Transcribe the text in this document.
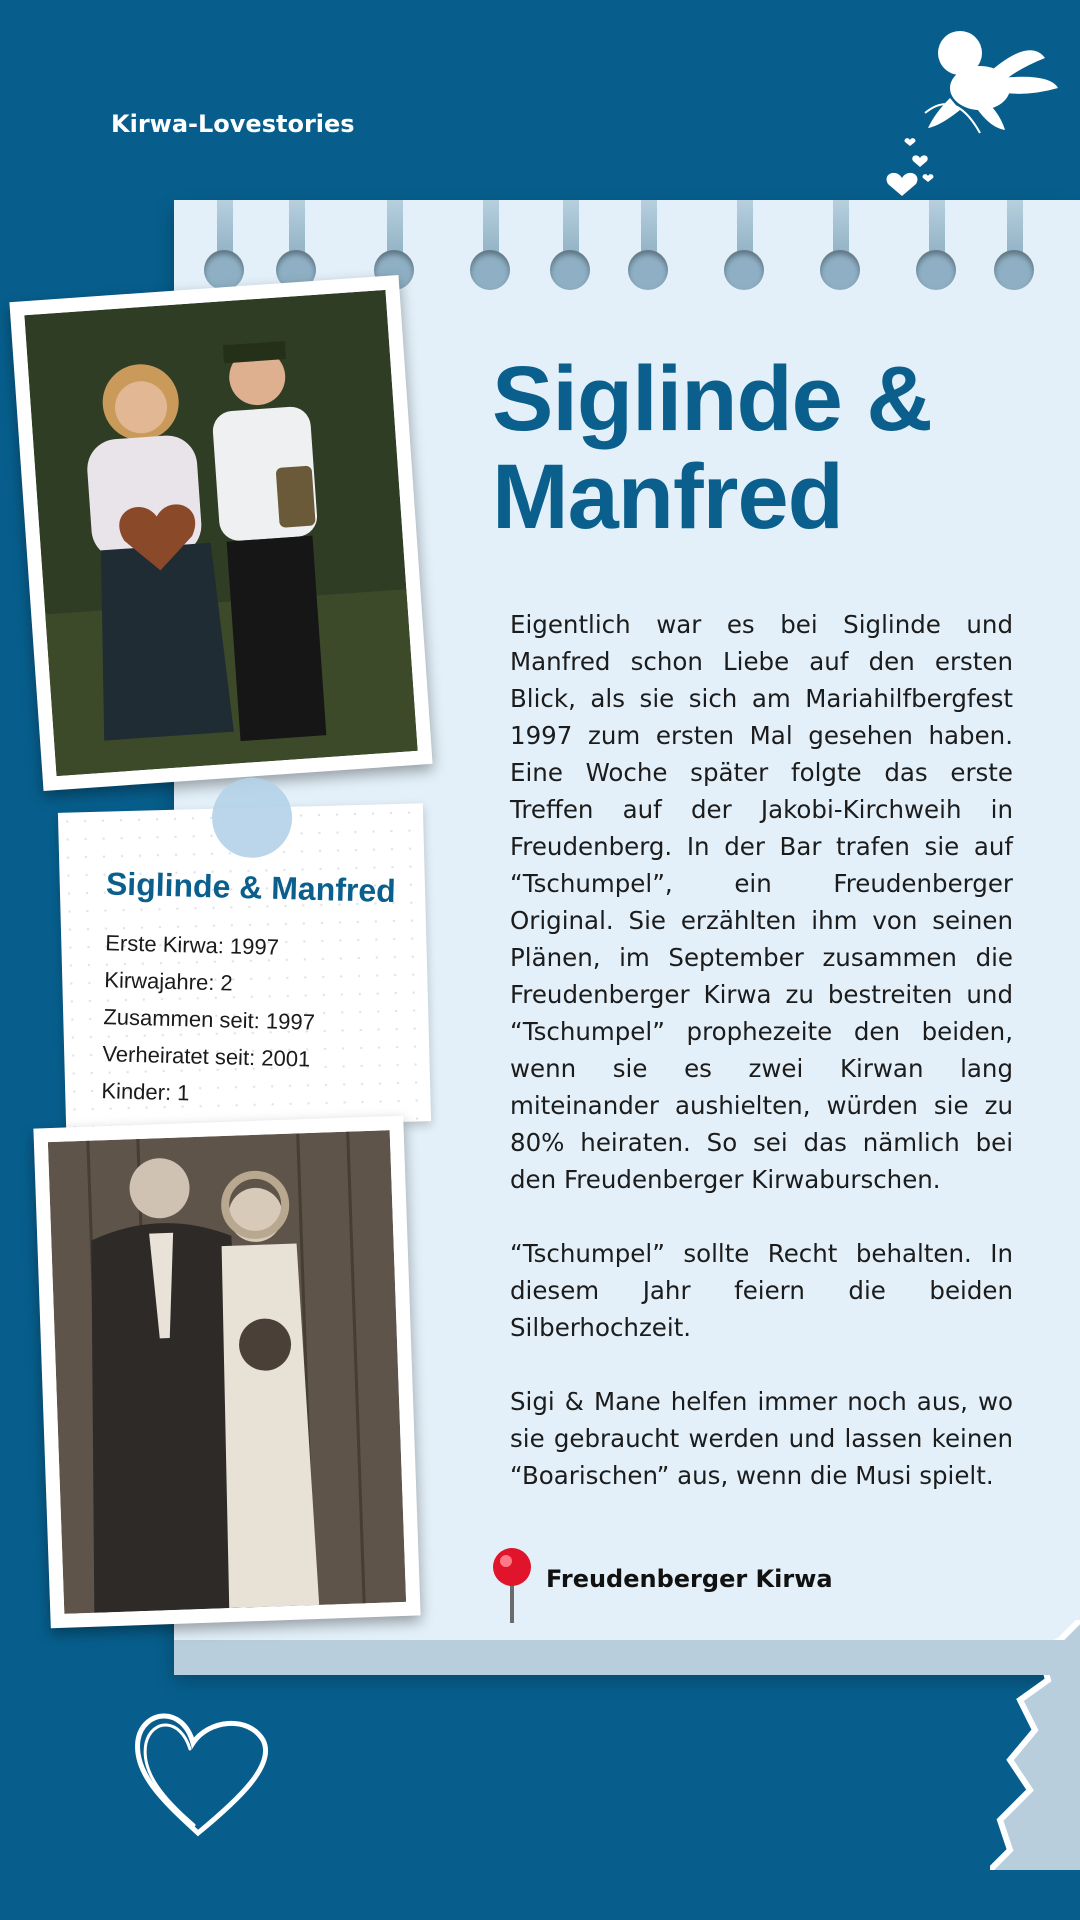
Kirwa-Lovestories
Siglinde & Manfred

Eigentlich war es bei Siglinde und Manfred schon Liebe auf den ersten Blick, als sie sich am Mariahilfbergfest 1997 zum ersten Mal gesehen haben. Eine Woche später folgte das erste Treffen auf der Jakobi-Kirchweih in Freudenberg. In der Bar trafen sie auf “Tschumpel”, ein Freudenberger Original. Sie erzählten ihm von seinen Plänen, im September zusammen die Freudenberger Kirwa zu bestreiten und “Tschumpel” prophezeite den beiden, wenn sie es zwei Kirwan lang miteinander aushielten, würden sie zu 80% heiraten. So sei das nämlich bei den Freudenberger Kirwaburschen.

“Tschumpel” sollte Recht behalten. In diesem Jahr feiern die beiden Silberhochzeit.

Sigi & Mane helfen immer noch aus, wo sie gebraucht werden und lassen keinen “Boarischen” aus, wenn die Musi spielt.

Freudenberger Kirwa
Siglinde & Manfred
Erste Kirwa: 1997
Kirwajahre: 2
Zusammen seit: 1997
Verheiratet seit: 2001
Kinder: 1
